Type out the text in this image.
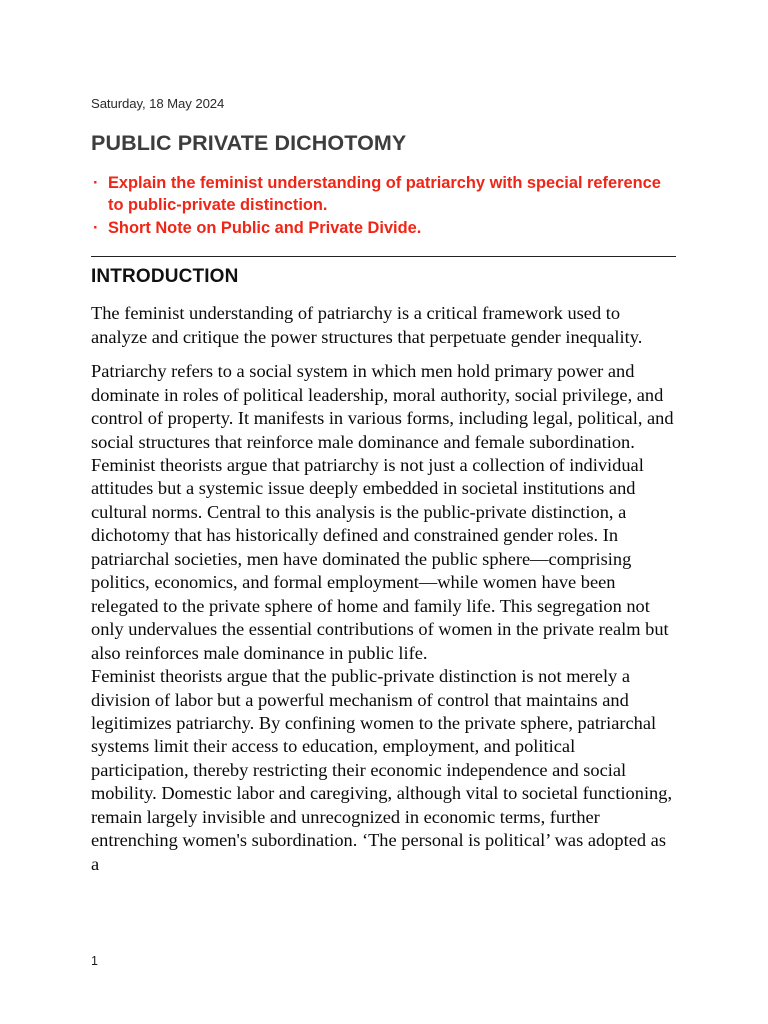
Saturday, 18 May 2024
PUBLIC PRIVATE DICHOTOMY
· Explain the feminist understanding of patriarchy with special reference to public-private distinction.
· Short Note on Public and Private Divide.
INTRODUCTION

The feminist understanding of patriarchy is a critical framework used to analyze and critique the power structures that perpetuate gender inequality.

Patriarchy refers to a social system in which men hold primary power and dominate in roles of political leadership, moral authority, social privilege, and control of property. It manifests in various forms, including legal, political, and social structures that reinforce male dominance and female subordination. Feminist theorists argue that patriarchy is not just a collection of individual attitudes but a systemic issue deeply embedded in societal institutions and cultural norms. Central to this analysis is the public-private distinction, a dichotomy that has historically defined and constrained gender roles. In patriarchal societies, men have dominated the public sphere—comprising politics, economics, and formal employment—while women have been relegated to the private sphere of home and family life. This segregation not only undervalues the essential contributions of women in the private realm but also reinforces male dominance in public life.

Feminist theorists argue that the public-private distinction is not merely a division of labor but a powerful mechanism of control that maintains and legitimizes patriarchy. By confining women to the private sphere, patriarchal systems limit their access to education, employment, and political participation, thereby restricting their economic independence and social mobility. Domestic labor and caregiving, although vital to societal functioning, remain largely invisible and unrecognized in economic terms, further entrenching women's subordination. ‘The personal is political’ was adopted as a

1
